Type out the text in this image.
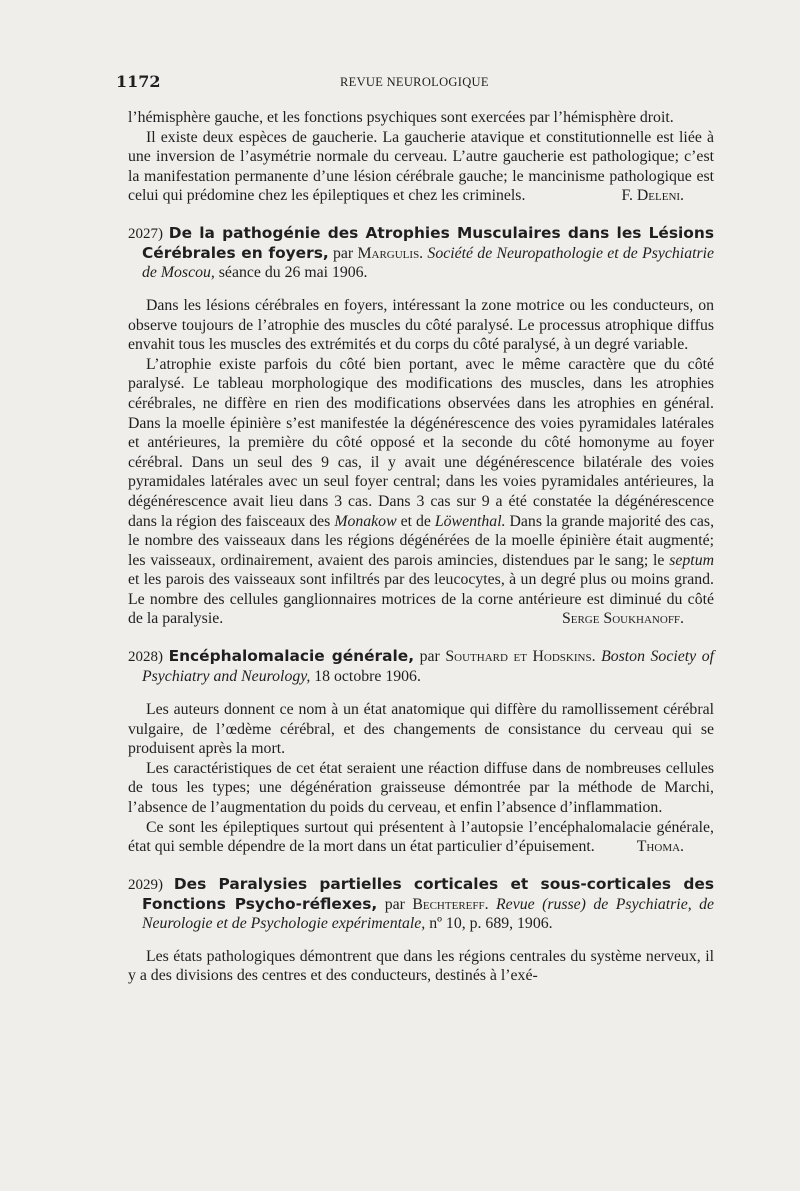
1172	REVUE NEUROLOGIQUE

l’hémisphère gauche, et les fonctions psychiques sont exercées par l’hémisphère droit.

Il existe deux espèces de gaucherie. La gaucherie atavique et constitutionnelle est liée à une inversion de l’asymétrie normale du cerveau. L’autre gaucherie est pathologique; c’est la manifestation permanente d’une lésion cérébrale gauche; le mancinisme pathologique est celui qui prédomine chez les épileptiques et chez les criminels.	F. Deleni.

2027) De la pathogénie des Atrophies Musculaires dans les Lésions Cérébrales en foyers, par Margulis. Société de Neuropathologie et de Psychiatrie de Moscou, séance du 26 mai 1906.

Dans les lésions cérébrales en foyers, intéressant la zone motrice ou les conducteurs, on observe toujours de l’atrophie des muscles du côté paralysé. Le processus atrophique diffus envahit tous les muscles des extrémités et du corps du côté paralysé, à un degré variable.

L’atrophie existe parfois du côté bien portant, avec le même caractère que du côté paralysé. Le tableau morphologique des modifications des muscles, dans les atrophies cérébrales, ne diffère en rien des modifications observées dans les atrophies en général. Dans la moelle épinière s’est manifestée la dégénérescence des voies pyramidales latérales et antérieures, la première du côté opposé et la seconde du côté homonyme au foyer cérébral. Dans un seul des 9 cas, il y avait une dégénérescence bilatérale des voies pyramidales latérales avec un seul foyer central; dans les voies pyramidales antérieures, la dégénérescence avait lieu dans 3 cas. Dans 3 cas sur 9 a été constatée la dégénérescence dans la région des faisceaux des Monakow et de Löwenthal. Dans la grande majorité des cas, le nombre des vaisseaux dans les régions dégénérées de la moelle épinière était augmenté; les vaisseaux, ordinairement, avaient des parois amincies, distendues par le sang; le septum et les parois des vaisseaux sont infiltrés par des leucocytes, à un degré plus ou moins grand. Le nombre des cellules ganglionnaires motrices de la corne antérieure est diminué du côté de la paralysie.	Serge Soukhanoff.

2028) Encéphalomalacie générale, par Southard et Hodskins. Boston Society of Psychiatry and Neurology, 18 octobre 1906.

Les auteurs donnent ce nom à un état anatomique qui diffère du ramollissement cérébral vulgaire, de l’œdème cérébral, et des changements de consistance du cerveau qui se produisent après la mort.

Les caractéristiques de cet état seraient une réaction diffuse dans de nombreuses cellules de tous les types; une dégénération graisseuse démontrée par la méthode de Marchi, l’absence de l’augmentation du poids du cerveau, et enfin l’absence d’inflammation.

Ce sont les épileptiques surtout qui présentent à l’autopsie l’encéphalomalacie générale, état qui semble dépendre de la mort dans un état particulier d’épuisement.	Thoma.

2029) Des Paralysies partielles corticales et sous-corticales des Fonctions Psycho-réflexes, par Bechtereff. Revue (russe) de Psychiatrie, de Neurologie et de Psychologie expérimentale, nº 10, p. 689, 1906.

Les états pathologiques démontrent que dans les régions centrales du système nerveux, il y a des divisions des centres et des conducteurs, destinés à l’exé-
